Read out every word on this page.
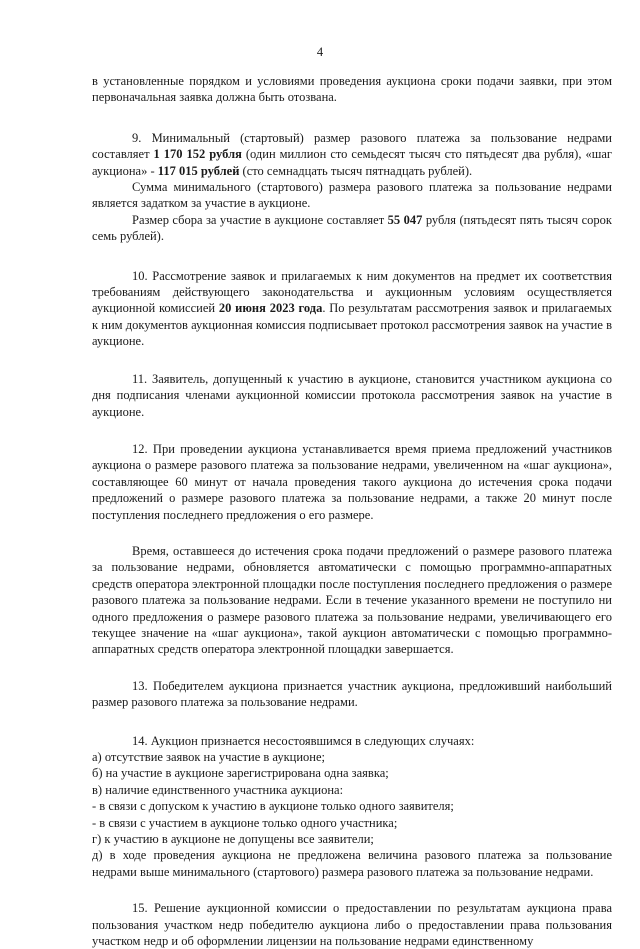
4

в установленные порядком и условиями проведения аукциона сроки подачи заявки, при этом первоначальная заявка должна быть отозвана.

9. Минимальный (стартовый) размер разового платежа за пользование недрами составляет 1 170 152 рубля (один миллион сто семьдесят тысяч сто пятьдесят два рубля), «шаг аукциона» - 117 015 рублей (сто семнадцать тысяч пятнадцать рублей).

Сумма минимального (стартового) размера разового платежа за пользование недрами является задатком за участие в аукционе.

Размер сбора за участие в аукционе составляет 55 047 рубля (пятьдесят пять тысяч сорок семь рублей).

10. Рассмотрение заявок и прилагаемых к ним документов на предмет их соответствия требованиям действующего законодательства и аукционным условиям осуществляется аукционной комиссией 20 июня 2023 года. По результатам рассмотрения заявок и прилагаемых к ним документов аукционная комиссия подписывает протокол рассмотрения заявок на участие в аукционе.

11. Заявитель, допущенный к участию в аукционе, становится участником аукциона со дня подписания членами аукционной комиссии протокола рассмотрения заявок на участие в аукционе.

12. При проведении аукциона устанавливается время приема предложений участников аукциона о размере разового платежа за пользование недрами, увеличенном на «шаг аукциона», составляющее 60 минут от начала проведения такого аукциона до истечения срока подачи предложений о размере разового платежа за пользование недрами, а также 20 минут после поступления последнего предложения о его размере.

Время, оставшееся до истечения срока подачи предложений о размере разового платежа за пользование недрами, обновляется автоматически с помощью программно-аппаратных средств оператора электронной площадки после поступления последнего предложения о размере разового платежа за пользование недрами. Если в течение указанного времени не поступило ни одного предложения о размере разового платежа за пользование недрами, увеличивающего его текущее значение на «шаг аукциона», такой аукцион автоматически с помощью программно-аппаратных средств оператора электронной площадки завершается.

13. Победителем аукциона признается участник аукциона, предложивший наибольший размер разового платежа за пользование недрами.

14. Аукцион признается несостоявшимся в следующих случаях:

а) отсутствие заявок на участие в аукционе;

б) на участие в аукционе зарегистрирована одна заявка;

в) наличие единственного участника аукциона:

- в связи с допуском к участию в аукционе только одного заявителя;

- в связи с участием в аукционе только одного участника;

г) к участию в аукционе не допущены все заявители;

д) в ходе проведения аукциона не предложена величина разового платежа за пользование недрами выше минимального (стартового) размера разового платежа за пользование недрами.

15. Решение аукционной комиссии о предоставлении по результатам аукциона права пользования участком недр победителю аукциона либо о предоставлении права пользования участком недр и об оформлении лицензии на пользование недрами единственному
